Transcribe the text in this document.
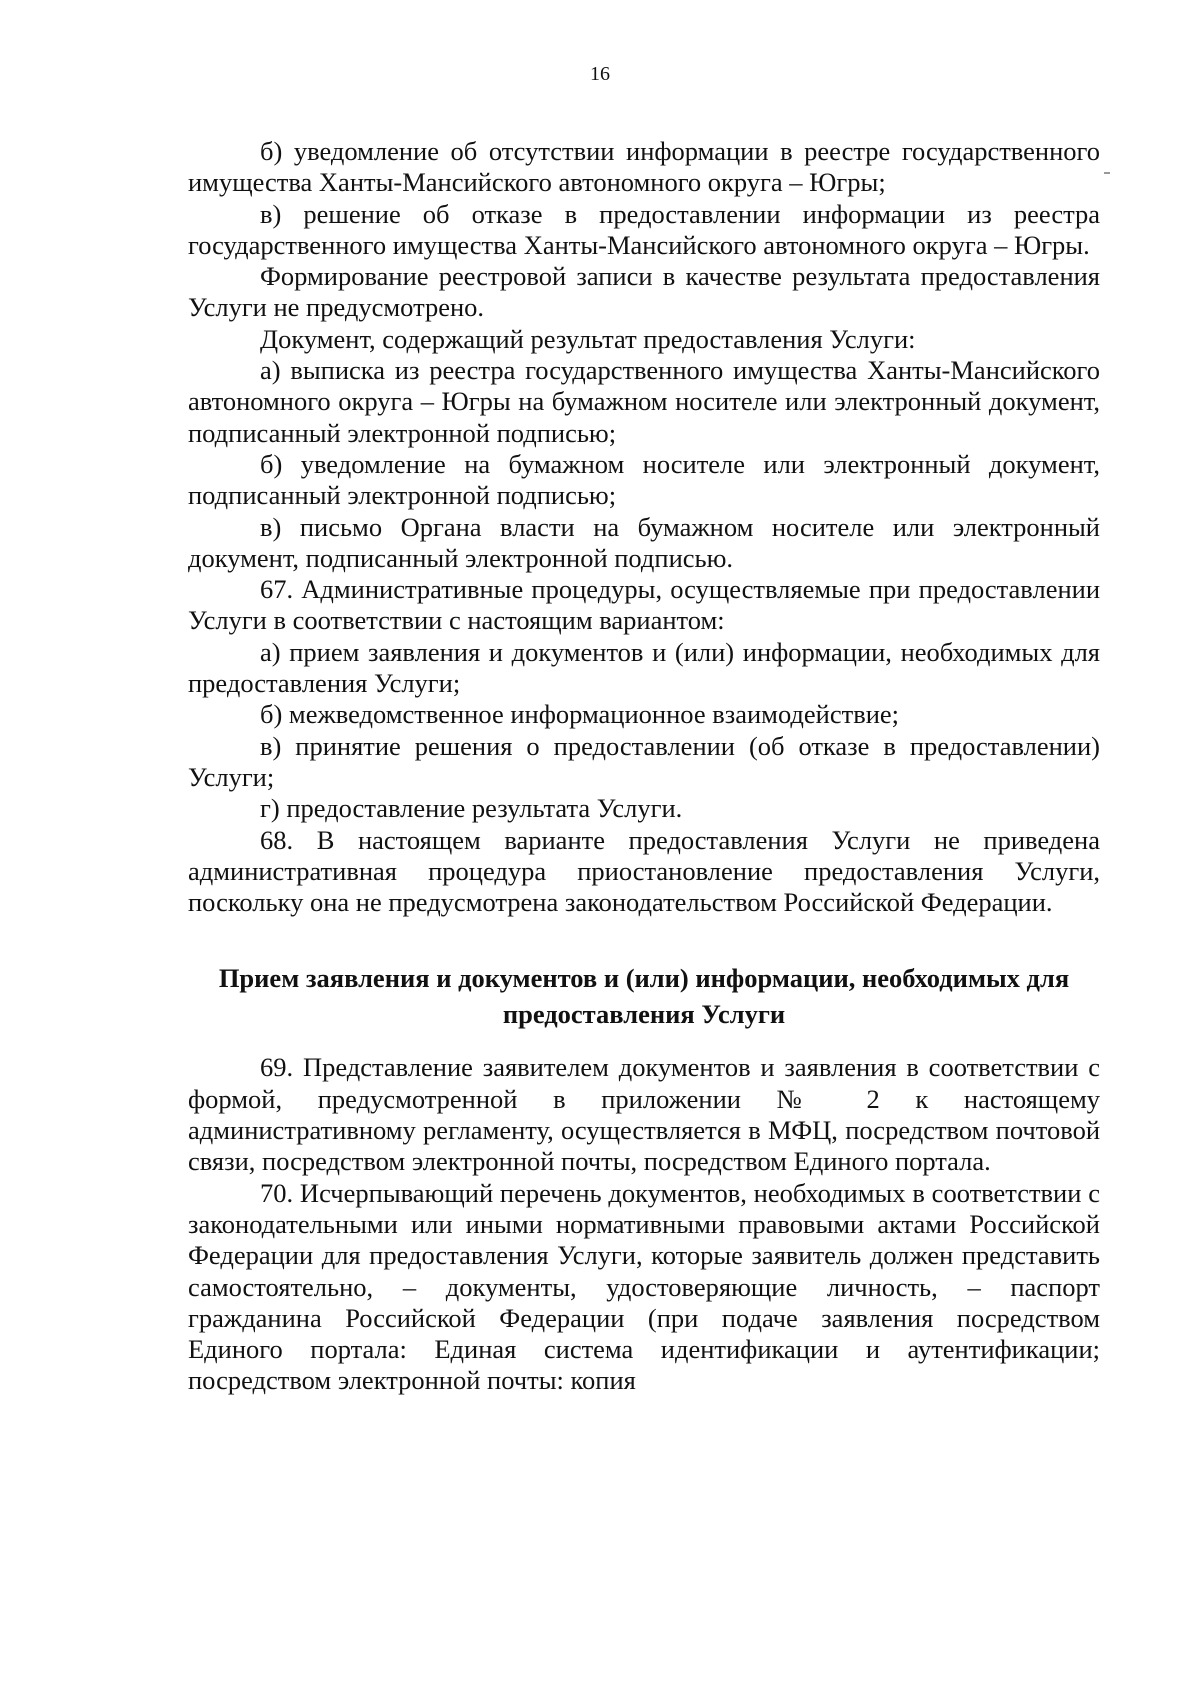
16

б) уведомление об отсутствии информации в реестре государственного имущества Ханты-Мансийского автономного округа – Югры;

в) решение об отказе в предоставлении информации из реестра государственного имущества Ханты-Мансийского автономного округа – Югры.

Формирование реестровой записи в качестве результата предоставления Услуги не предусмотрено.

Документ, содержащий результат предоставления Услуги:

а) выписка из реестра государственного имущества Ханты-Мансийского автономного округа – Югры на бумажном носителе или электронный документ, подписанный электронной подписью;

б) уведомление на бумажном носителе или электронный документ, подписанный электронной подписью;

в) письмо Органа власти на бумажном носителе или электронный документ, подписанный электронной подписью.

67. Административные процедуры, осуществляемые при предоставлении Услуги в соответствии с настоящим вариантом:

а) прием заявления и документов и (или) информации, необходимых для предоставления Услуги;

б) межведомственное информационное взаимодействие;

в) принятие решения о предоставлении (об отказе в предоставлении) Услуги;

г) предоставление результата Услуги.

68. В настоящем варианте предоставления Услуги не приведена административная процедура приостановление предоставления Услуги, поскольку она не предусмотрена законодательством Российской Федерации.

Прием заявления и документов и (или) информации, необходимых для
предоставления Услуги

69. Представление заявителем документов и заявления в соответствии с формой, предусмотренной в приложении № 2 к настоящему административному регламенту, осуществляется в МФЦ, посредством почтовой связи, посредством электронной почты, посредством Единого портала.

70. Исчерпывающий перечень документов, необходимых в соответствии с законодательными или иными нормативными правовыми актами Российской Федерации для предоставления Услуги, которые заявитель должен представить самостоятельно, – документы, удостоверяющие личность, – паспорт гражданина Российской Федерации (при подаче заявления посредством Единого портала: Единая система идентификации и аутентификации; посредством электронной почты: копия
